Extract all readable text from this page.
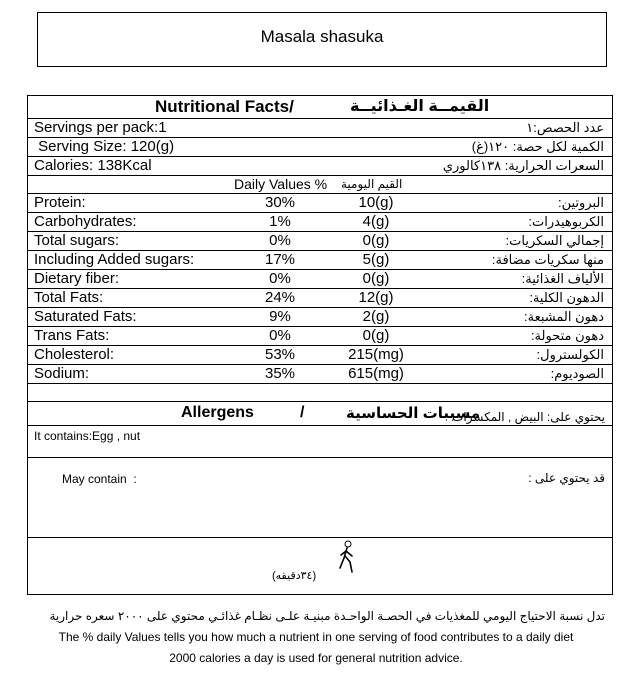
Masala shasuka
Nutritional Facts/	القيمــة الغـذائيــة
Servings per pack:1	عدد الحصص:١
Serving Size: 120(g)	الكمية لكل حصة: ١٢٠(غ)
Calories: 138Kcal	السعرات الحرارية: ١٣٨كالوري
Daily Values % القيم اليومية
Protein:	30%	10(g)	البروتين:
Carbohydrates:	1%	4(g)	الكربوهيدرات:
Total sugars:	0%	0(g)	إجمالي السكريات:
Including Added sugars:	17%	5(g)	منها سكريات مضافة:
Dietary fiber:	0%	0(g)	الألياف الغذائية:
Total Fats:	24%	12(g)	الدهون الكلية:
Saturated Fats:	9%	2(g)	دهون المشبعة:
Trans Fats:	0%	0(g)	دهون متحولة:
Cholesterol:	53%	215(mg)	الكولسترول:
Sodium:	35%	615(mg)	الصوديوم:
Allergens	/	مسببات الحساسية
يحتوي على: البيض , المكسرات
It contains:Egg , nut
May contain  :	قد يحتوي على :
(٣٤دقيقه)
تدل نسبة الاحتياج اليومي للمغذيات في الحصـة الواحـدة مبنيـة علـى نظـام غذائـي محتوي على ٢٠٠٠ سعره حرارية
The % daily Values tells you how much a nutrient in one serving of food contributes to a daily diet
2000 calories a day is used for general nutrition advice.
